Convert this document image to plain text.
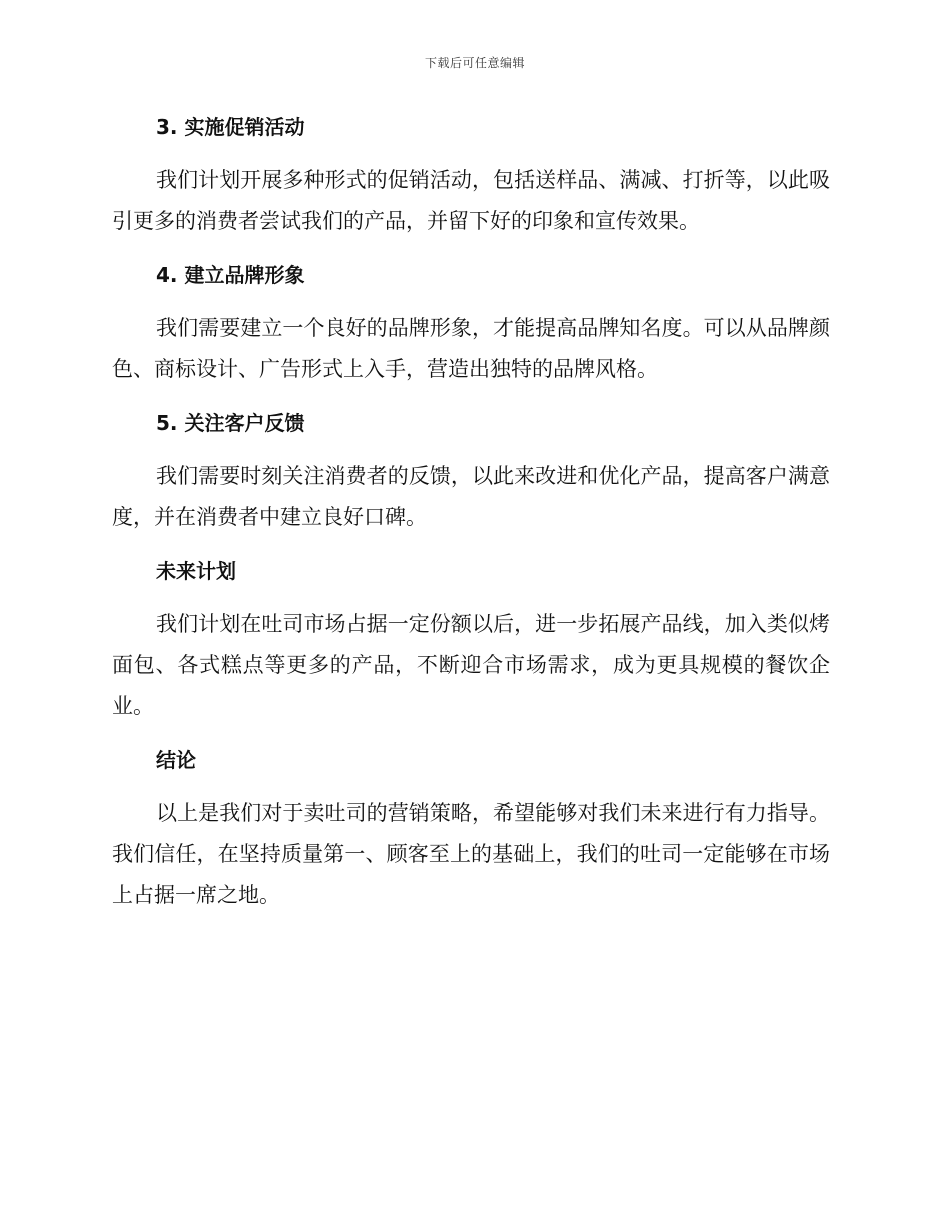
下载后可任意编辑
3. 实施促销活动

我们计划开展多种形式的促销活动，包括送样品、满减、打折等，以此吸引更多的消费者尝试我们的产品，并留下好的印象和宣传效果。

4. 建立品牌形象

我们需要建立一个良好的品牌形象，才能提高品牌知名度。可以从品牌颜色、商标设计、广告形式上入手，营造出独特的品牌风格。

5. 关注客户反馈

我们需要时刻关注消费者的反馈，以此来改进和优化产品，提高客户满意度，并在消费者中建立良好口碑。

未来计划

我们计划在吐司市场占据一定份额以后，进一步拓展产品线，加入类似烤面包、各式糕点等更多的产品，不断迎合市场需求，成为更具规模的餐饮企业。

结论

以上是我们对于卖吐司的营销策略，希望能够对我们未来进行有力指导。我们信任，在坚持质量第一、顾客至上的基础上，我们的吐司一定能够在市场上占据一席之地。
